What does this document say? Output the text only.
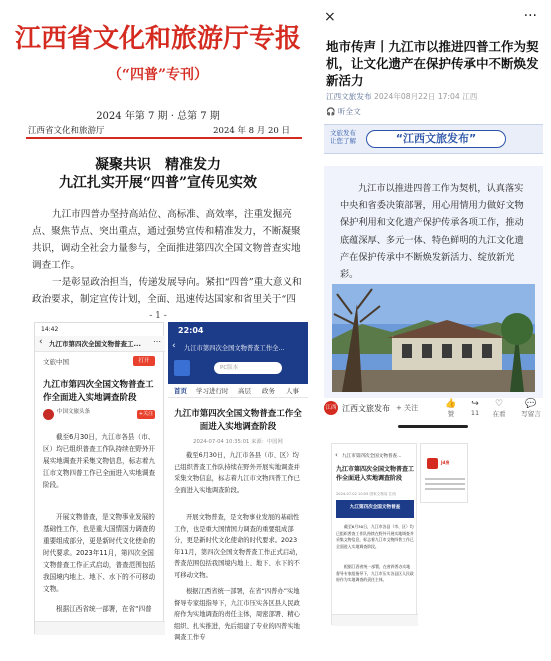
江西省文化和旅游厅专报
（“四普”专刊）
2024 年第 7 期 · 总第 7 期
江西省文化和旅游厅	2024 年 8 月 20 日
凝聚共识　精准发力
九江扎实开展“四普”宣传见实效
九江市四普办坚持高站位、高标准、高效率，注重发掘亮点、聚焦节点、突出重点，通过强势宣传和精准发力，不断凝聚共识，调动全社会力量参与，全面推进第四次全国文物普查实地调查工作。
一是彰显政治担当，传递发展导向。紧扣“四普”重大意义和政治要求，制定宣传计划，全面、迅速传达国家和省里关于“四
- 1 -
×	···
地市传声丨九江市以推进四普工作为契机，让文化遗产在保护传承中不断焕发新活力
江西文旅发布 2024年08月22日 17:04 江西
🎧 听全文
文旅发布
让您了解	“江西文旅发布”
九江市以推进四普工作为契机，认真落实中央和省委决策部署，用心用情用力做好文物保护利用和文化遗产保护传承各项工作，推动底蕴深厚、多元一体、特色鲜明的九江文化遗产在保护传承中不断焕发新活力、绽放新光彩。
江西文旅
江西文旅发布 + 关注	👍
赞
↪
11
♡
在看
💬
写留言
14:42
‹ 九江市第四次全国文物普查工...	⋯
文旅中国	打开
九江市第四次全国文物普查工作全面进入实地调查阶段
中国文旅头条	+关注
截至6月30日，九江市各县（市、区）均已组织普查工作队持续在野外开展实地调查并采集文物信息，标志着九江市文物四普工作已全面进入实地调查阶段。
开展文物普查，是文物事业发展的基础性工作，也是重大国情国力调查的重要组成部分，更是新时代文化使命的时代要求。2023年11月，第四次全国文物普查工作正式启动，普查范围包括我国境内地上、地下、水下的不可移动文物。
根据江西省统一部署，在省“四普
22:04
‹ 九江市第四次全国文物普查工作全...
PC版本
首页 学习进行时 高层 政务 人事
九江市第四次全国文物普查工作全面进入实地调查阶段
2024-07-04 10:35:01 来源：中国网
截至6月30日，九江市各县（市、区）均已组织普查工作队持续在野外开展实地调查并采集文物信息，标志着九江市文物四普工作已全面进入实地调查阶段。
开展文物普查，是文物事业发展的基础性工作，也是重大国情国力调查的重要组成部分，更是新时代文化使命的时代要求。2023年11月，第四次全国文物普查工作正式启动，普查范围包括我国境内地上、地下、水下的不可移动文物。
根据江西省统一部署，在省“四普办”实地督导专家组指导下，九江市压实各区县人民政府作为实地调查的责任主体，周密部署、精心组织、扎实推进，先后组建了专业的四普实地调查工作专
‹ 九江市第四次全国文物普查...
九江市第四次全国文物普查工作全面进入实地调查阶段
2024-07-02 10:55 国家文物局 江西
九江第四次全国文物普查
截至6月30日，九江市各县（市、区）均已组织普查工作队持续在野外开展实地调查并采集文物信息，标志着九江市文物四普工作已全面进入实地调查阶段。
根据江西省统一部署，在省四普办实地督导专家组指导下，九江市压实各县区人民政府作为实地调查的责任主体。
Jd房
